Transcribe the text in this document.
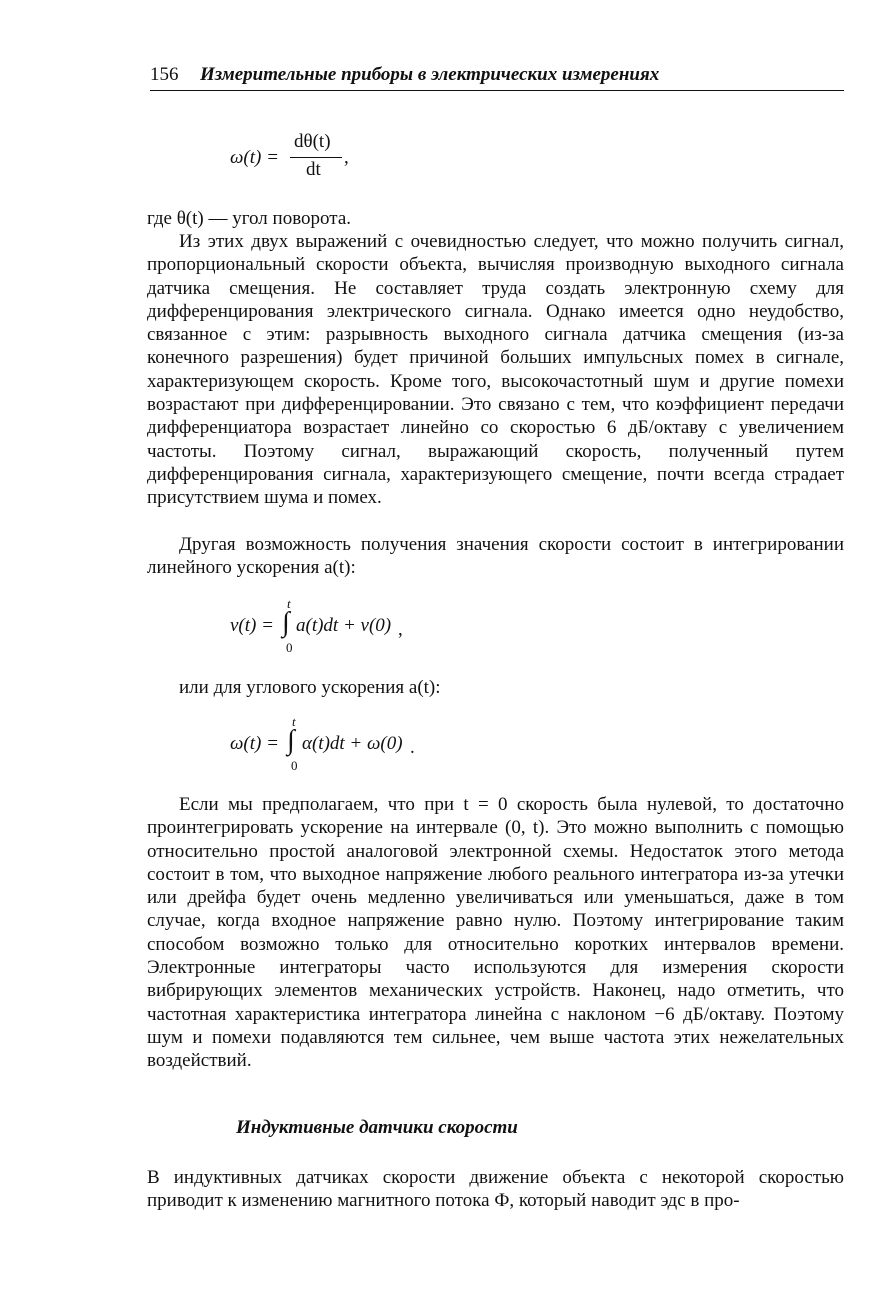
156 Измерительные приборы в электрических измерениях
ω(t) =
dθ(t)
dt
,
где θ(t) — угол поворота.
Из этих двух выражений с очевидностью следует, что можно получить сигнал, пропорциональный скорости объекта, вычисляя производную выходного сигнала датчика смещения. Не составляет труда создать электронную схему для дифференцирования электрического сигнала. Однако имеется одно неудобство, связанное с этим: разрывность выходного сигнала датчика смещения (из-за конечного разрешения) будет причиной больших импульсных помех в сигнале, характеризующем скорость. Кроме того, высокочастотный шум и другие помехи возрастают при дифференцировании. Это связано с тем, что коэффициент передачи дифференциатора возрастает линейно со скоростью 6 дБ/октаву с увеличением частоты. Поэтому сигнал, выражающий скорость, полученный путем дифференцирования сигнала, характеризующего смещение, почти всегда страдает присутствием шума и помех.
Другая возможность получения значения скорости состоит в интегрировании линейного ускорения a(t):
v(t) =
t
∫
0
a(t)dt + v(0) ,
или для углового ускорения a(t):
ω(t) =
t
∫
0
α(t)dt + ω(0) .
Если мы предполагаем, что при t = 0 скорость была нулевой, то достаточно проинтегрировать ускорение на интервале (0, t). Это можно выполнить с помощью относительно простой аналоговой электронной схемы. Недостаток этого метода состоит в том, что выходное напряжение любого реального интегратора из-за утечки или дрейфа будет очень медленно увеличиваться или уменьшаться, даже в том случае, когда входное напряжение равно нулю. Поэтому интегрирование таким способом возможно только для относительно коротких интервалов времени. Электронные интеграторы часто используются для измерения скорости вибрирующих элементов механических устройств. Наконец, надо отметить, что частотная характеристика интегратора линейна с наклоном −6 дБ/октаву. Поэтому шум и помехи подавляются тем сильнее, чем выше частота этих нежелательных воздействий.
Индуктивные датчики скорости
В индуктивных датчиках скорости движение объекта с некоторой скоростью приводит к изменению магнитного потока Ф, который наводит эдс в про-
